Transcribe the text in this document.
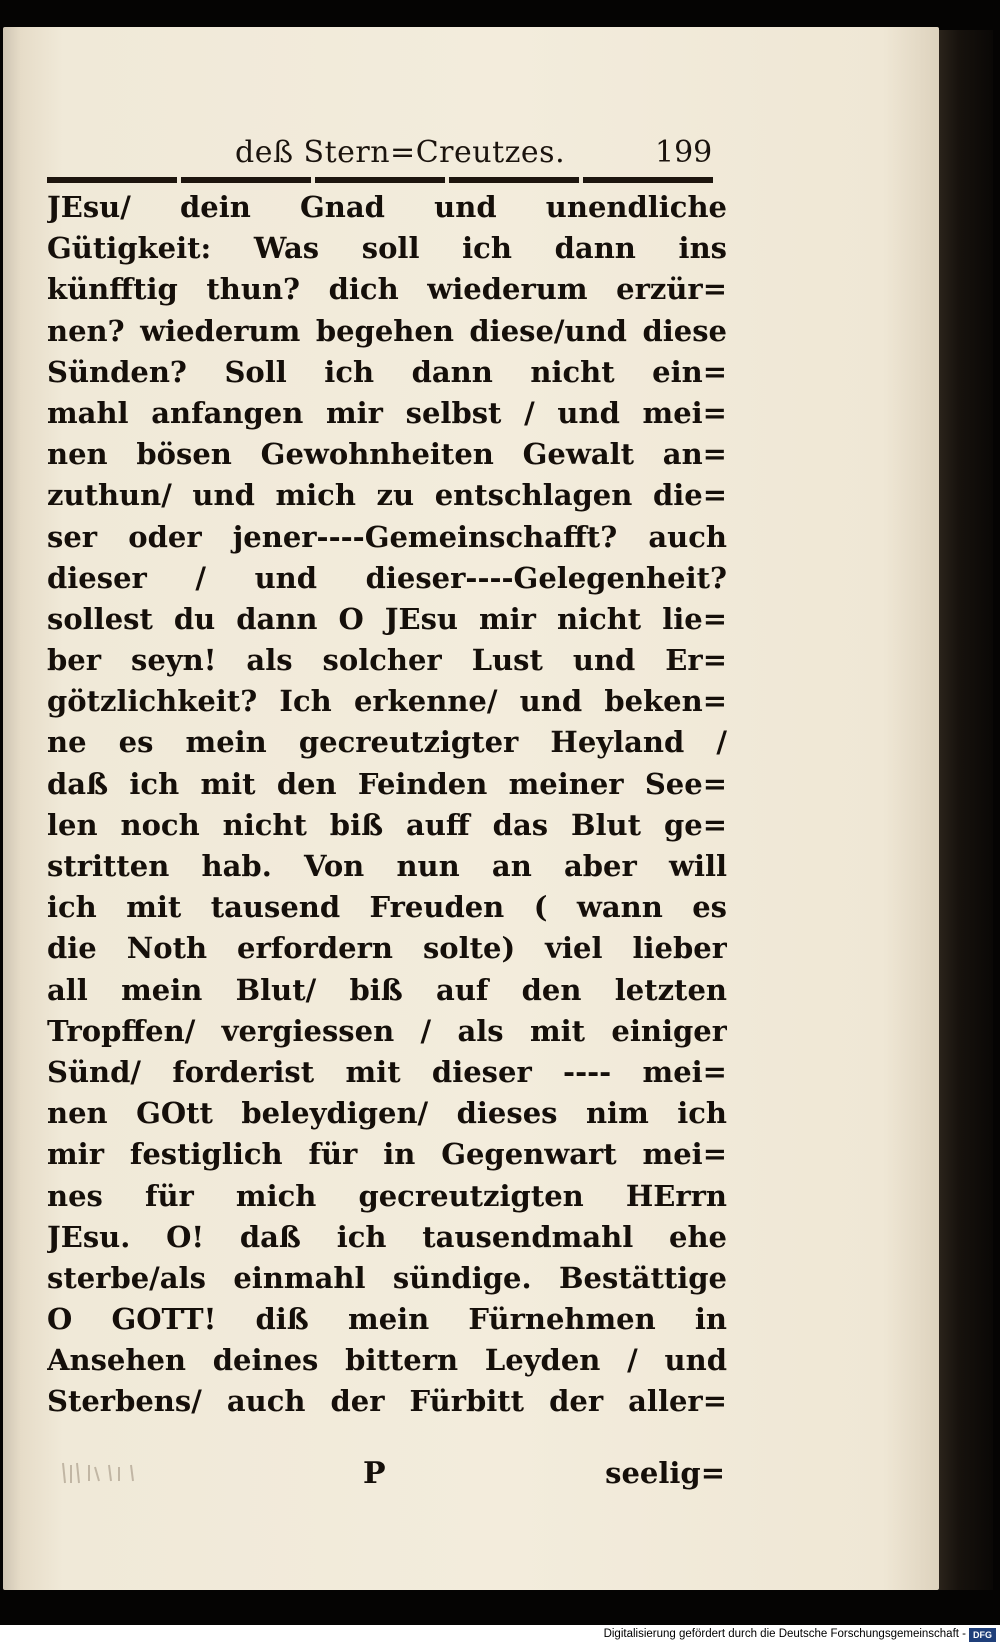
deß Stern=Creutzes.	199
JEsu/ dein Gnad und unendliche
Gütigkeit: Was soll ich dann ins
künfftig thun? dich wiederum erzür=
nen? wiederum begehen diese/und diese
Sünden? Soll ich dann nicht ein=
mahl anfangen mir selbst / und mei=
nen bösen Gewohnheiten Gewalt an=
zuthun/ und mich zu entschlagen die=
ser oder jener----Gemeinschafft? auch
dieser / und dieser----Gelegenheit?
sollest du dann O JEsu mir nicht lie=
ber seyn! als solcher Lust und Er=
götzlichkeit? Ich erkenne/ und beken=
ne es mein gecreutzigter Heyland /
daß ich mit den Feinden meiner See=
len noch nicht biß auff das Blut ge=
stritten hab. Von nun an aber will
ich mit tausend Freuden ( wann es
die Noth erfordern solte) viel lieber
all mein Blut/ biß auf den letzten
Tropffen/ vergiessen / als mit einiger
Sünd/ forderist mit dieser ---- mei=
nen GOtt beleydigen/ dieses nim ich
mir festiglich für in Gegenwart mei=
nes für mich gecreutzigten HErrn
JEsu. O! daß ich tausendmahl ehe
sterbe/als einmahl sündige. Bestättige
O GOTT! diß mein Fürnehmen in
Ansehen deines bittern Leyden / und
Sterbens/ auch der Fürbitt der aller=
P	seelig=
Digitalisierung gefördert durch die Deutsche Forschungsgemeinschaft - DFG
